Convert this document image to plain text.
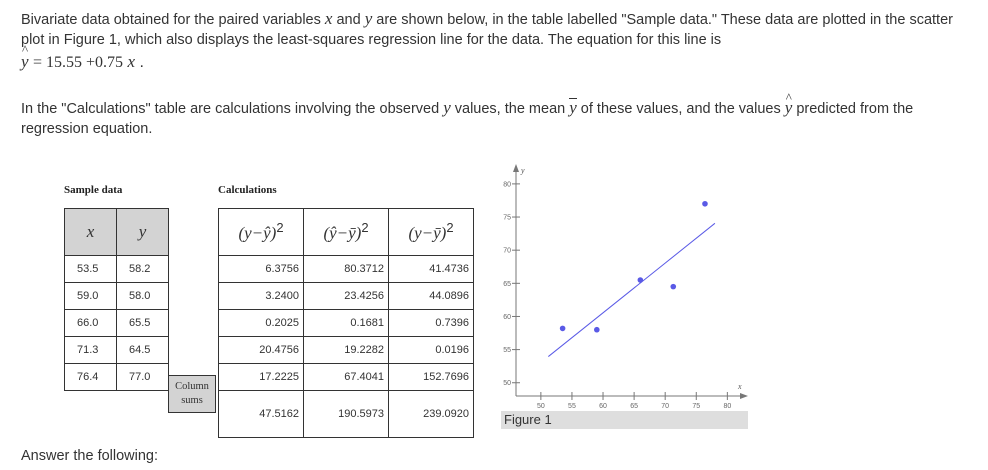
Bivariate data obtained for the paired variables x and y are shown below, in the table labelled "Sample data." These data are plotted in the scatter plot in Figure 1, which also displays the least-squares regression line for the data. The equation for this line is
^ y = 15.55 +0.75 x .
In the "Calculations" table are calculations involving the observed y values, the mean y of these values, and the values ^ y predicted from the regression equation.
Sample data	Calculations
x	y
53.5	58.2
59.0	58.0
66.0	65.5
71.3	64.5
76.4	77.0
(y−ŷ)$^2$	(ŷ−ȳ)$^2$	(y−ȳ)$^2$
6.3756	80.3712	41.4736
3.2400	23.4256	44.0896
0.2025	0.1681	0.7396
20.4756	19.2282	0.0196
17.2225	67.4041	152.7696
47.5162	190.5973	239.0920
Column
sums
y
x
50	55	60	65	70	75	80
50
55
60
65
70
75
80
Figure 1
Answer the following:
